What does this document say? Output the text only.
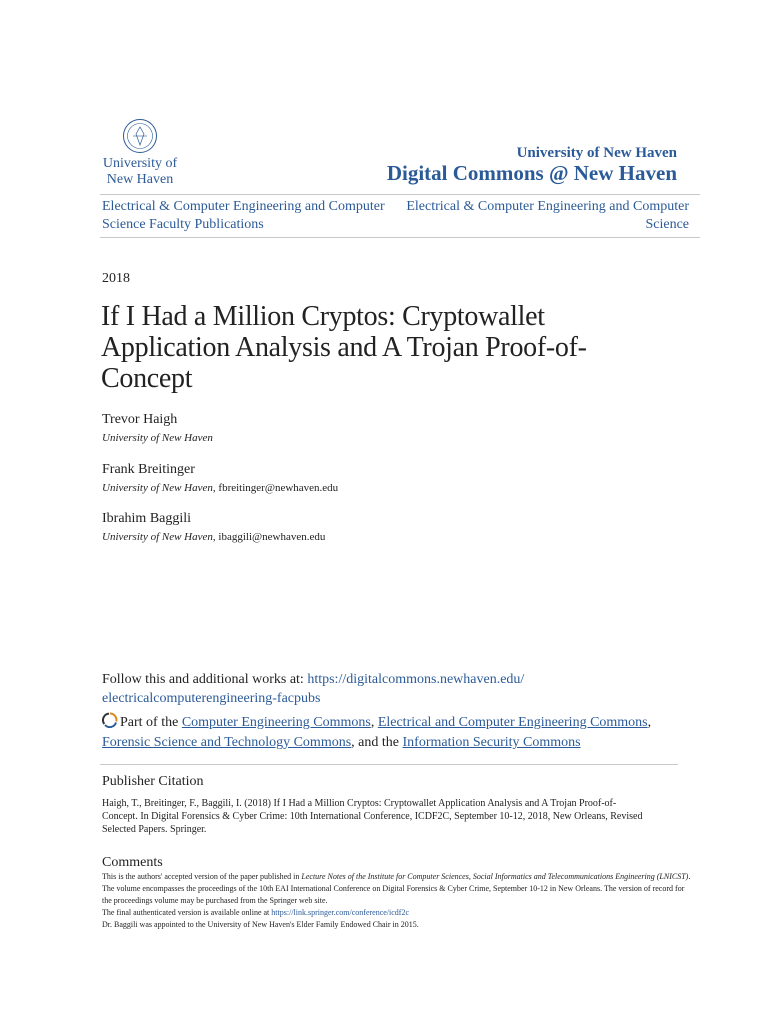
University of
New Haven
University of New Haven
Digital Commons @ New Haven
Electrical & Computer Engineering and Computer Science Faculty Publications
Electrical & Computer Engineering and Computer Science
2018
If I Had a Million Cryptos: Cryptowallet Application Analysis and A Trojan Proof-of-Concept
Trevor Haigh
University of New Haven
Frank Breitinger
University of New Haven, fbreitinger@newhaven.edu
Ibrahim Baggili
University of New Haven, ibaggili@newhaven.edu
Follow this and additional works at: https://digitalcommons.newhaven.edu/
electricalcomputerengineering-facpubs
Part of the Computer Engineering Commons, Electrical and Computer Engineering Commons,
Forensic Science and Technology Commons, and the Information Security Commons
Publisher Citation
Haigh, T., Breitinger, F., Baggili, I. (2018) If I Had a Million Cryptos: Cryptowallet Application Analysis and A Trojan Proof-of-Concept. In Digital Forensics & Cyber Crime: 10th International Conference, ICDF2C, September 10-12, 2018, New Orleans, Revised Selected Papers. Springer.
Comments
This is the authors' accepted version of the paper published in Lecture Notes of the Institute for Computer Sciences, Social Informatics and Telecommunications Engineering (LNICST). The volume encompasses the proceedings of the 10th EAI International Conference on Digital Forensics & Cyber Crime, September 10-12 in New Orleans. The version of record for the proceedings volume may be purchased from the Springer web site.
The final authenticated version is available online at https://link.springer.com/conference/icdf2c
Dr. Baggili was appointed to the University of New Haven's Elder Family Endowed Chair in 2015.
